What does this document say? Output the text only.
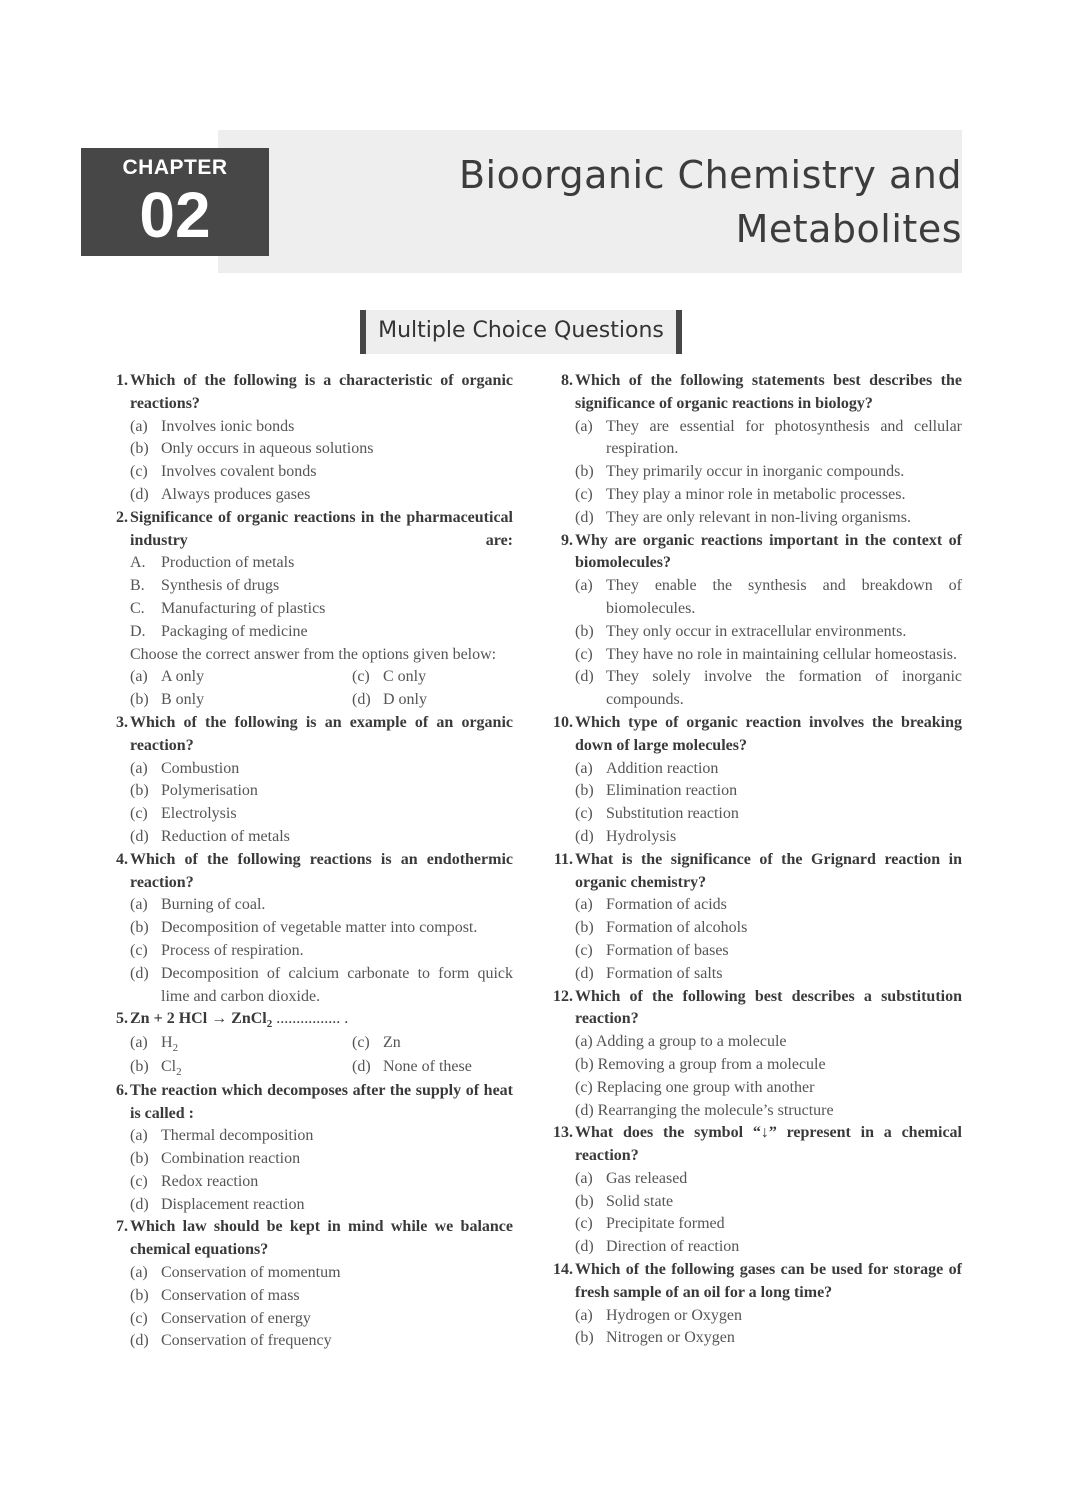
CHAPTER
02
Bioorganic Chemistry and
Metabolites
Multiple Choice Questions
1. Which of the following is a characteristic of organic reactions?
(a) Involves ionic bonds
(b) Only occurs in aqueous solutions
(c) Involves covalent bonds
(d) Always produces gases
2. Significance of organic reactions in the pharmaceutical industry are:
A. Production of metals
B. Synthesis of drugs
C. Manufacturing of plastics
D. Packaging of medicine
Choose the correct answer from the options given below:
(a) A only	(c) C only
(b) B only	(d) D only
3. Which of the following is an example of an organic reaction?
(a) Combustion
(b) Polymerisation
(c) Electrolysis
(d) Reduction of metals
4. Which of the following reactions is an endothermic reaction?
(a) Burning of coal.
(b) Decomposition of vegetable matter into compost.
(c) Process of respiration.
(d) Decomposition of calcium carbonate to form quick lime and carbon dioxide.
5. Zn + 2 HCl → ZnCl$_2$ ................ .
(a) $H_2$	(c) Zn
(b) $Cl_2$	(d) None of these
6. The reaction which decomposes after the supply of heat is called :
(a) Thermal decomposition
(b) Combination reaction
(c) Redox reaction
(d) Displacement reaction
7. Which law should be kept in mind while we balance chemical equations?
(a) Conservation of momentum
(b) Conservation of mass
(c) Conservation of energy
(d) Conservation of frequency
8. Which of the following statements best describes the significance of organic reactions in biology?
(a) They are essential for photosynthesis and cellular respiration.
(b) They primarily occur in inorganic compounds.
(c) They play a minor role in metabolic processes.
(d) They are only relevant in non-living organisms.
9. Why are organic reactions important in the context of biomolecules?
(a) They enable the synthesis and breakdown of biomolecules.
(b) They only occur in extracellular environments.
(c) They have no role in maintaining cellular homeostasis.
(d) They solely involve the formation of inorganic compounds.
10. Which type of organic reaction involves the breaking down of large molecules?
(a) Addition reaction
(b) Elimination reaction
(c) Substitution reaction
(d) Hydrolysis
11. What is the significance of the Grignard reaction in organic chemistry?
(a) Formation of acids
(b) Formation of alcohols
(c) Formation of bases
(d) Formation of salts
12. Which of the following best describes a substitution reaction?
(a) Adding a group to a molecule
(b) Removing a group from a molecule
(c) Replacing one group with another
(d) Rearranging the molecule’s structure
13. What does the symbol “↓” represent in a chemical reaction?
(a) Gas released
(b) Solid state
(c) Precipitate formed
(d) Direction of reaction
14. Which of the following gases can be used for storage of fresh sample of an oil for a long time?
(a) Hydrogen or Oxygen
(b) Nitrogen or Oxygen
